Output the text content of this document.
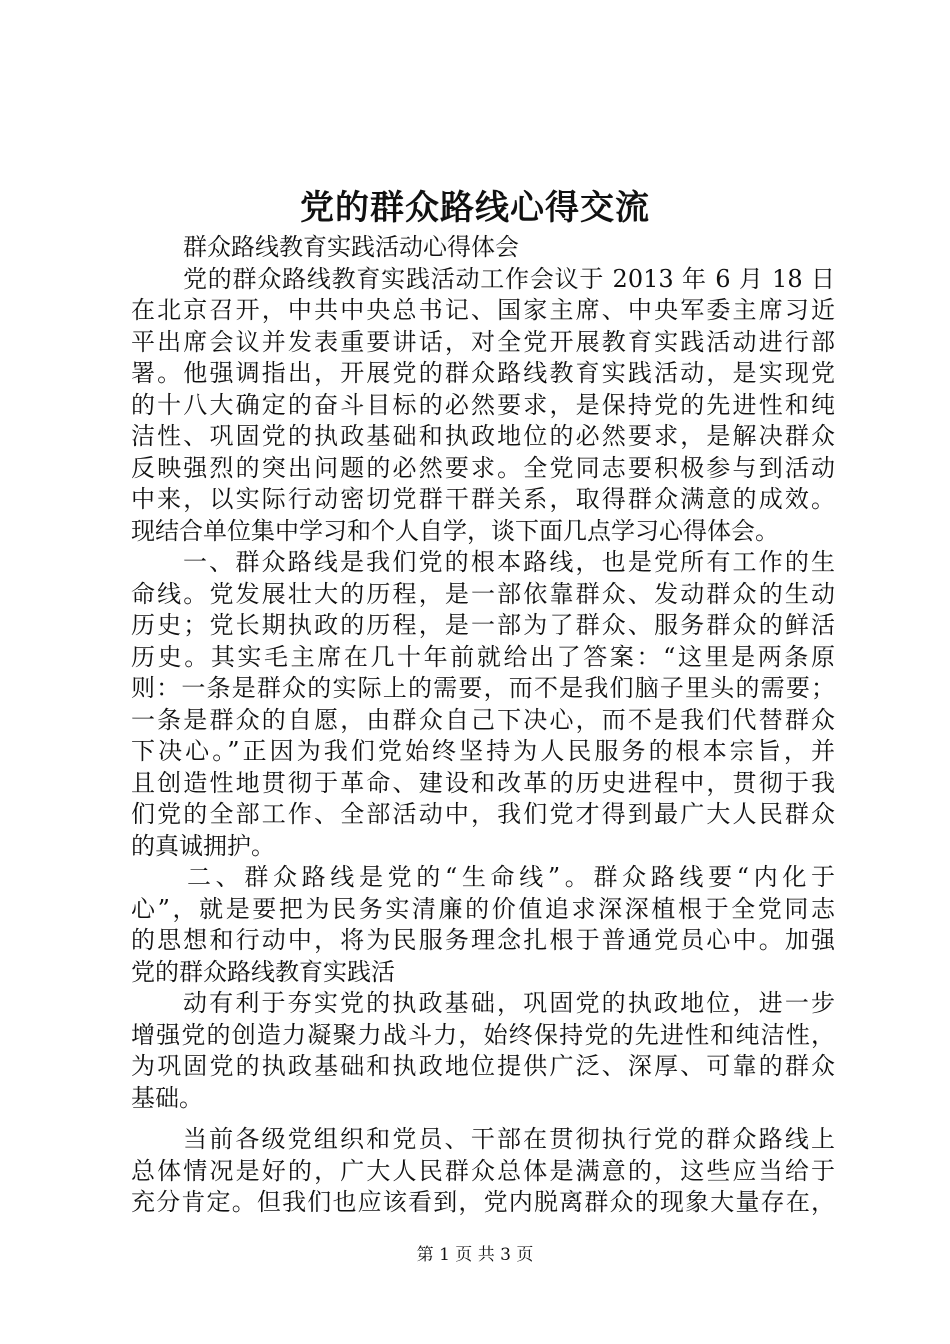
党的群众路线心得交流
群众路线教育实践活动心得体会
党的群众路线教育实践活动工作会议于 2013 年 6 月 18 日
在北京召开，中共中央总书记、国家主席、中央军委主席习近
平出席会议并发表重要讲话，对全党开展教育实践活动进行部
署。他强调指出，开展党的群众路线教育实践活动，是实现党
的十八大确定的奋斗目标的必然要求，是保持党的先进性和纯
洁性、巩固党的执政基础和执政地位的必然要求，是解决群众
反映强烈的突出问题的必然要求。全党同志要积极参与到活动
中来，以实际行动密切党群干群关系，取得群众满意的成效。
现结合单位集中学习和个人自学，谈下面几点学习心得体会。
一、群众路线是我们党的根本路线，也是党所有工作的生
命线。党发展壮大的历程，是一部依靠群众、发动群众的生动
历史；党长期执政的历程，是一部为了群众、服务群众的鲜活
历史。其实毛主席在几十年前就给出了答案：“这里是两条原
则：一条是群众的实际上的需要，而不是我们脑子里头的需要；
一条是群众的自愿，由群众自己下决心，而不是我们代替群众
下决心。”正因为我们党始终坚持为人民服务的根本宗旨，并
且创造性地贯彻于革命、建设和改革的历史进程中，贯彻于我
们党的全部工作、全部活动中，我们党才得到最广大人民群众
的真诚拥护。
二、群众路线是党的“生命线”。群众路线要“内化于
心”，就是要把为民务实清廉的价值追求深深植根于全党同志
的思想和行动中，将为民服务理念扎根于普通党员心中。加强
党的群众路线教育实践活
动有利于夯实党的执政基础，巩固党的执政地位，进一步
增强党的创造力凝聚力战斗力，始终保持党的先进性和纯洁性，
为巩固党的执政基础和执政地位提供广泛、深厚、可靠的群众
基础。
当前各级党组织和党员、干部在贯彻执行党的群众路线上
总体情况是好的，广大人民群众总体是满意的，这些应当给于
充分肯定。但我们也应该看到，党内脱离群众的现象大量存在，
第 1 页 共 3 页
